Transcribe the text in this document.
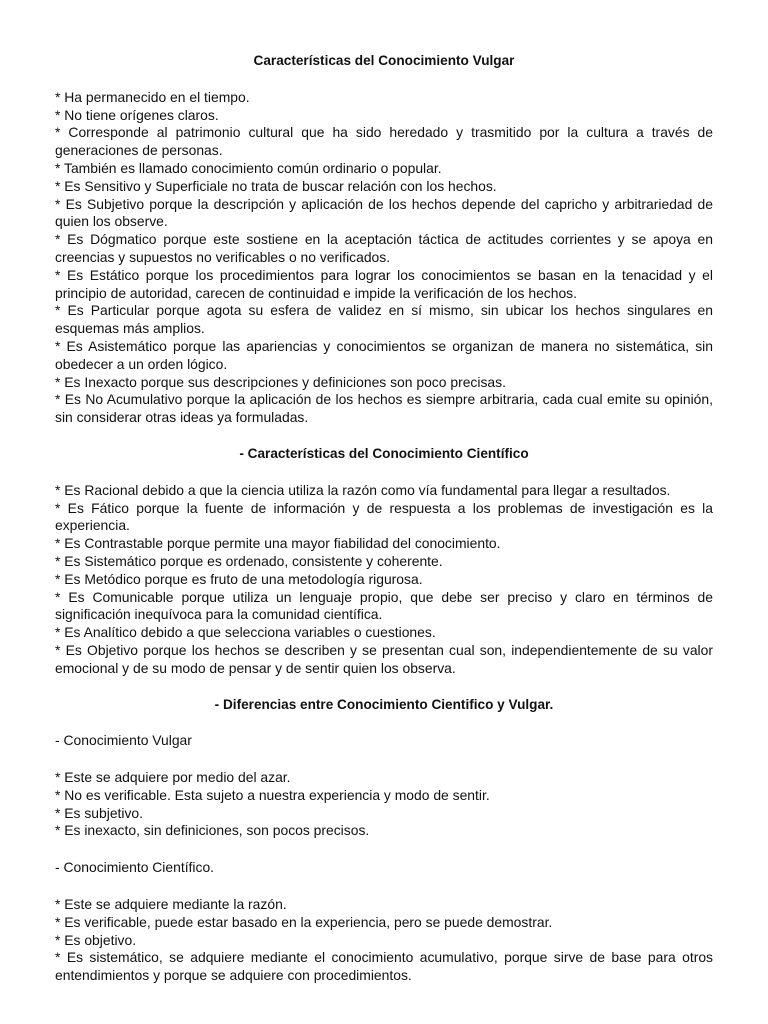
Características del Conocimiento Vulgar

* Ha permanecido en el tiempo.

* No tiene orígenes claros.

* Corresponde al patrimonio cultural que ha sido heredado y trasmitido por la cultura a través de generaciones de personas.

* También es llamado conocimiento común ordinario o popular.

* Es Sensitivo y Superficiale no trata de buscar relación con los hechos.

* Es Subjetivo porque la descripción y aplicación de los hechos depende del capricho y arbitrariedad de quien los observe.

* Es Dógmatico porque este sostiene en la aceptación táctica de actitudes corrientes y se apoya en creencias y supuestos no verificables o no verificados.

* Es Estático porque los procedimientos para lograr los conocimientos se basan en la tenacidad y el principio de autoridad, carecen de continuidad e impide la verificación de los hechos.

* Es Particular porque agota su esfera de validez en sí mismo, sin ubicar los hechos singulares en esquemas más amplios.

* Es Asistemático porque las apariencias y conocimientos se organizan de manera no sistemática, sin obedecer a un orden lógico.

* Es Inexacto porque sus descripciones y definiciones son poco precisas.

* Es No Acumulativo porque la aplicación de los hechos es siempre arbitraria, cada cual emite su opinión, sin considerar otras ideas ya formuladas.

- Características del Conocimiento Científico

* Es Racional debido a que la ciencia utiliza la razón como vía fundamental para llegar a resultados.

* Es Fático porque la fuente de información y de respuesta a los problemas de investigación es la experiencia.

* Es Contrastable porque permite una mayor fiabilidad del conocimiento.

* Es Sistemático porque es ordenado, consistente y coherente.

* Es Metódico porque es fruto de una metodología rigurosa.

* Es Comunicable porque utiliza un lenguaje propio, que debe ser preciso y claro en términos de significación inequívoca para la comunidad científica.

* Es Analítico debido a que selecciona variables o cuestiones.

* Es Objetivo porque los hechos se describen y se presentan cual son, independientemente de su valor emocional y de su modo de pensar y de sentir quien los observa.

- Diferencias entre Conocimiento Cientifico y Vulgar.

- Conocimiento Vulgar

* Este se adquiere por medio del azar.

* No es verificable. Esta sujeto a nuestra experiencia y modo de sentir.

* Es subjetivo.

* Es inexacto, sin definiciones, son pocos precisos.

- Conocimiento Científico.

* Este se adquiere mediante la razón.

* Es verificable, puede estar basado en la experiencia, pero se puede demostrar.

* Es objetivo.

* Es sistemático, se adquiere mediante el conocimiento acumulativo, porque sirve de base para otros entendimientos y porque se adquiere con procedimientos.
